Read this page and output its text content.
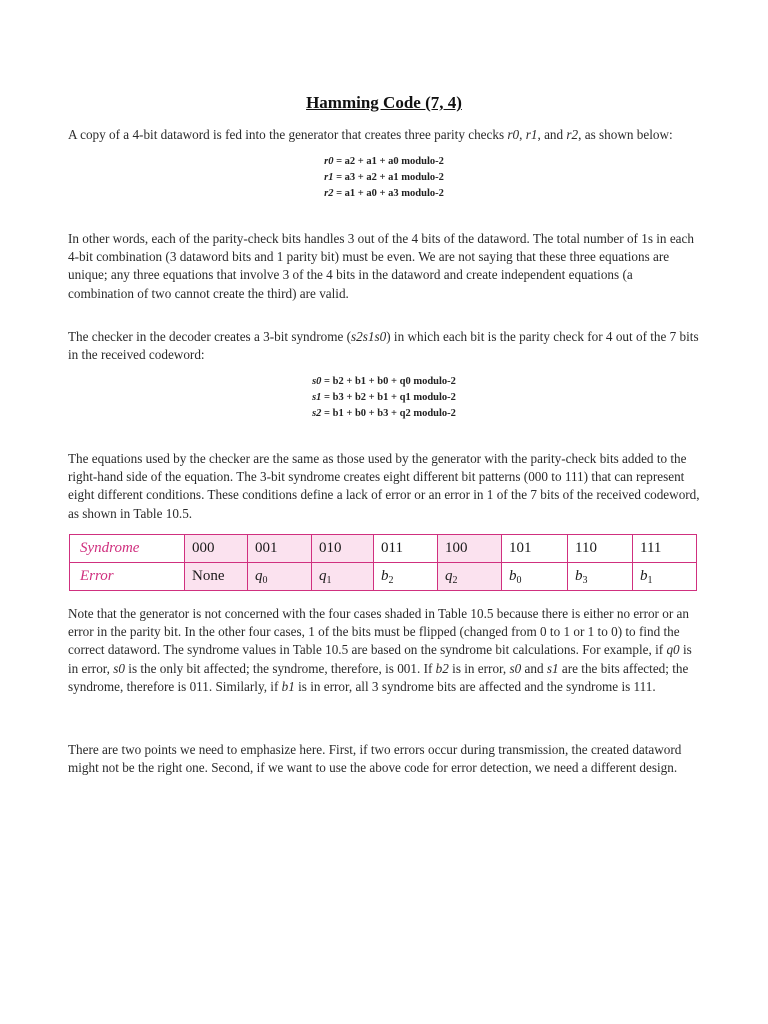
Hamming Code (7, 4)
A copy of a 4-bit dataword is fed into the generator that creates three parity checks r0, r1, and r2, as shown below:
r0 = a2 + a1 + a0 modulo-2
r1 = a3 + a2 + a1 modulo-2
r2 = a1 + a0 + a3 modulo-2
In other words, each of the parity-check bits handles 3 out of the 4 bits of the dataword. The total number of 1s in each 4-bit combination (3 dataword bits and 1 parity bit) must be even. We are not saying that these three equations are unique; any three equations that involve 3 of the 4 bits in the dataword and create independent equations (a combination of two cannot create the third) are valid.
The checker in the decoder creates a 3-bit syndrome (s2s1s0) in which each bit is the parity check for 4 out of the 7 bits in the received codeword:
s0 = b2 + b1 + b0 + q0 modulo-2
s1 = b3 + b2 + b1 + q1 modulo-2
s2 = b1 + b0 + b3 + q2 modulo-2
The equations used by the checker are the same as those used by the generator with the parity-check bits added to the right-hand side of the equation. The 3-bit syndrome creates eight different bit patterns (000 to 111) that can represent eight different conditions. These conditions define a lack of error or an error in 1 of the 7 bits of the received codeword, as shown in Table 10.5.
Syndrome	000	001	010	011	100	101	110	111
Error	None	$q_0$	$q_1$	$b_2$	$q_2$	$b_0$	$b_3$	$b_1$
Note that the generator is not concerned with the four cases shaded in Table 10.5 because there is either no error or an error in the parity bit. In the other four cases, 1 of the bits must be flipped (changed from 0 to 1 or 1 to 0) to find the correct dataword. The syndrome values in Table 10.5 are based on the syndrome bit calculations. For example, if q0 is in error, s0 is the only bit affected; the syndrome, therefore, is 001. If b2 is in error, s0 and s1 are the bits affected; the syndrome, therefore is 011. Similarly, if b1 is in error, all 3 syndrome bits are affected and the syndrome is 111.
There are two points we need to emphasize here. First, if two errors occur during transmission, the created dataword might not be the right one. Second, if we want to use the above code for error detection, we need a different design.
